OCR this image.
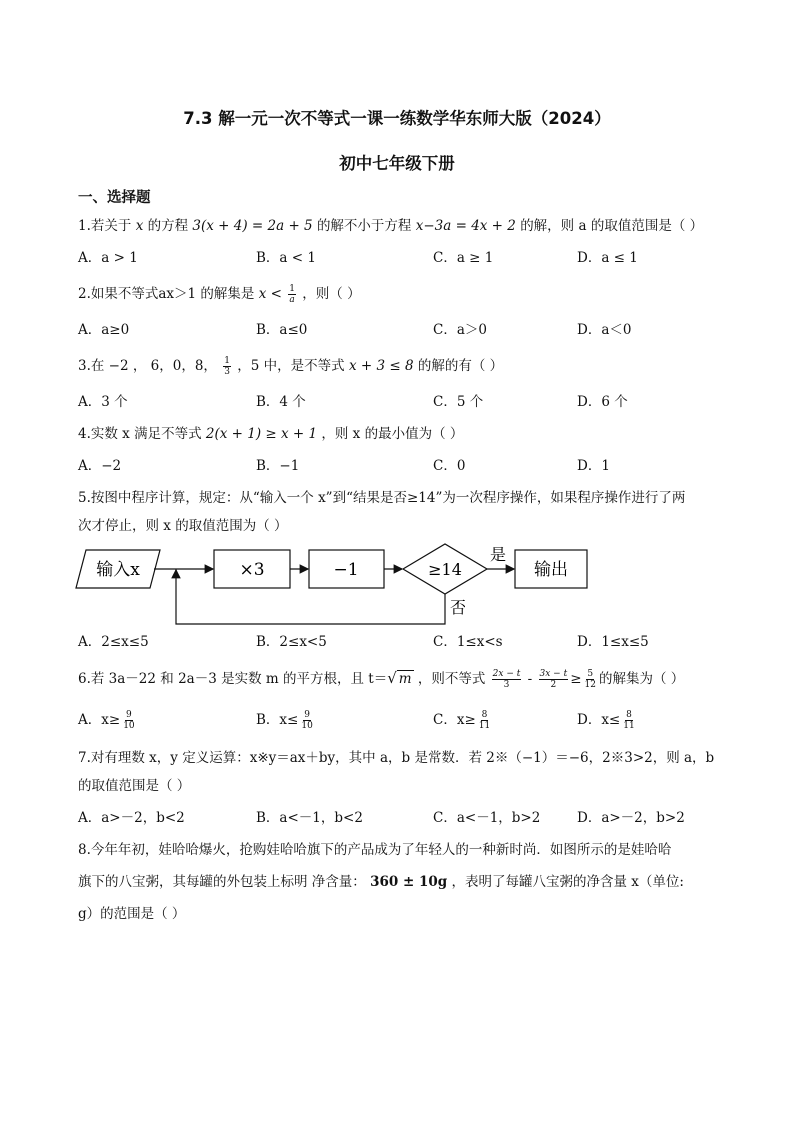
7.3 解一元一次不等式一课一练数学华东师大版（2024）
初中七年级下册
一、选择题
1.若关于 x 的方程 3(x + 4) = 2a + 5 的解不小于方程 x−3a = 4x + 2 的解，则 a 的取值范围是（ ）
A．a > 1	B．a < 1	C．a ≥ 1	D．a ≤ 1
2.如果不等式ax＞1 的解集是 $x < \frac{1}{a}$ ，则（ ）
A．a≥0	B．a≤0	C．a＞0	D．a＜0
3.在 −2 ， 6，0，8， $\frac{1}{3}$ ，5 中，是不等式 x + 3 ≤ 8 的解的有（ ）
A．3 个	B．4 个	C．5 个	D．6 个
4.实数 x 满足不等式 2(x + 1) ≥ x + 1 ，则 x 的最小值为（ ）
A．−2	B．−1	C．0	D．1
5.按图中程序计算，规定：从“输入一个 x”到“结果是否≥14”为一次程序操作，如果程序操作进行了两
次才停止，则 x 的取值范围为（ ）
输入x	×3	−1	≥14
是
输出
否
A．2≤x≤5	B．2≤x<5	C．1≤x<s	D．1≤x≤5
6.若 3a－22 和 2a－3 是实数 m 的平方根，且 t＝√ m ，则不等式 $\frac{2x - t}{3} - \frac{3x - t}{2} \ge \frac{5}{12}$ 的解集为（ ）
A．$x\ge \frac{9}{10}$	B．$x\le \frac{9}{10}$	C．$x\ge \frac{8}{11}$	D．$x\le \frac{8}{11}$
7.对有理数 x，y 定义运算：x※y＝ax＋by，其中 a，b 是常数．若 2※（−1）＝−6，2※3>2，则 a，b
的取值范围是（ ）
A．a>－2，b<2	B．a<－1，b<2	C．a<－1，b>2	D．a>－2，b>2
8.今年年初，娃哈哈爆火，抢购娃哈哈旗下的产品成为了年轻人的一种新时尚．如图所示的是娃哈哈
旗下的八宝粥，其每罐的外包装上标明 净含量： 360 ± 10g ，表明了每罐八宝粥的净含量 x（单位:
g）的范围是（ ）
